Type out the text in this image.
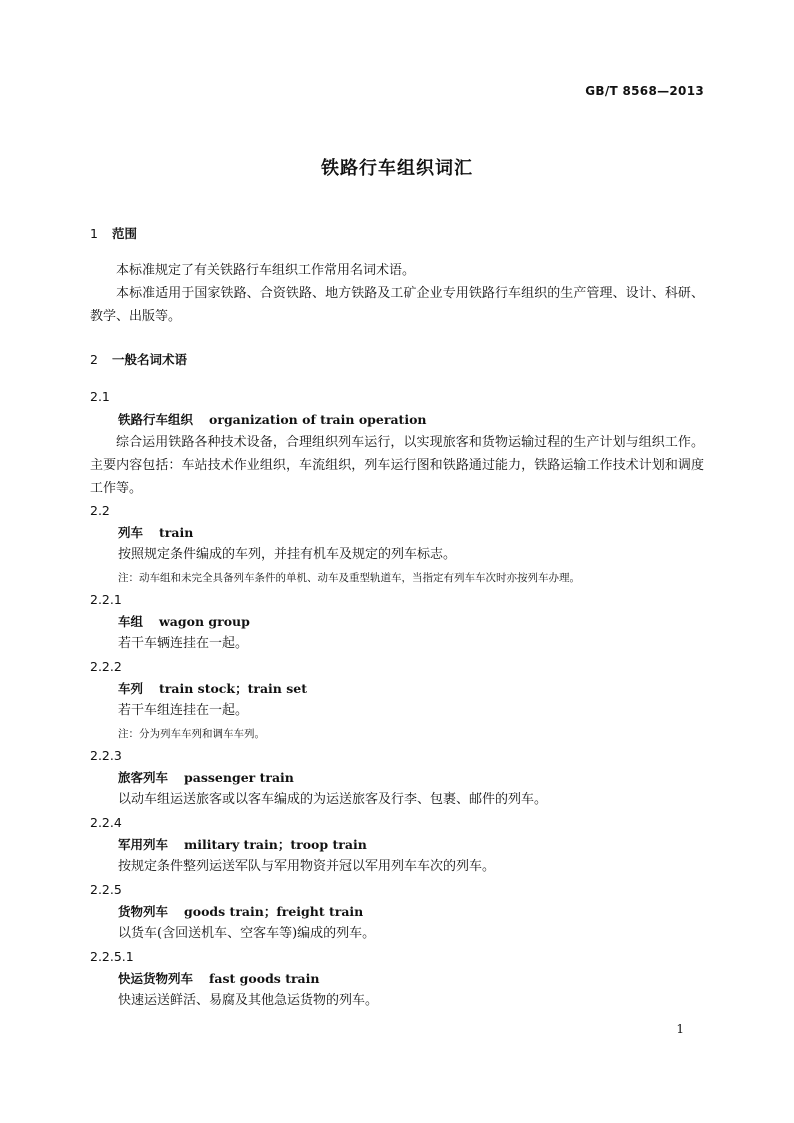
GB/T 8568—2013
铁路行车组织词汇
1 范围

本标准规定了有关铁路行车组织工作常用名词术语。

本标准适用于国家铁路、合资铁路、地方铁路及工矿企业专用铁路行车组织的生产管理、设计、科研、教学、出版等。

2 一般名词术语

2.1

铁路行车组织 organization of train operation

综合运用铁路各种技术设备，合理组织列车运行，以实现旅客和货物运输过程的生产计划与组织工作。主要内容包括：车站技术作业组织，车流组织，列车运行图和铁路通过能力，铁路运输工作技术计划和调度工作等。

2.2

列车 train

按照规定条件编成的车列，并挂有机车及规定的列车标志。

注：动车组和未完全具备列车条件的单机、动车及重型轨道车，当指定有列车车次时亦按列车办理。

2.2.1

车组 wagon group

若干车辆连挂在一起。

2.2.2

车列 train stock；train set

若干车组连挂在一起。

注：分为列车车列和调车车列。

2.2.3

旅客列车 passenger train

以动车组运送旅客或以客车编成的为运送旅客及行李、包裹、邮件的列车。

2.2.4

军用列车 military train；troop train

按规定条件整列运送军队与军用物资并冠以军用列车车次的列车。

2.2.5

货物列车 goods train；freight train

以货车(含回送机车、空客车等)编成的列车。

2.2.5.1

快运货物列车 fast goods train

快速运送鲜活、易腐及其他急运货物的列车。

1
